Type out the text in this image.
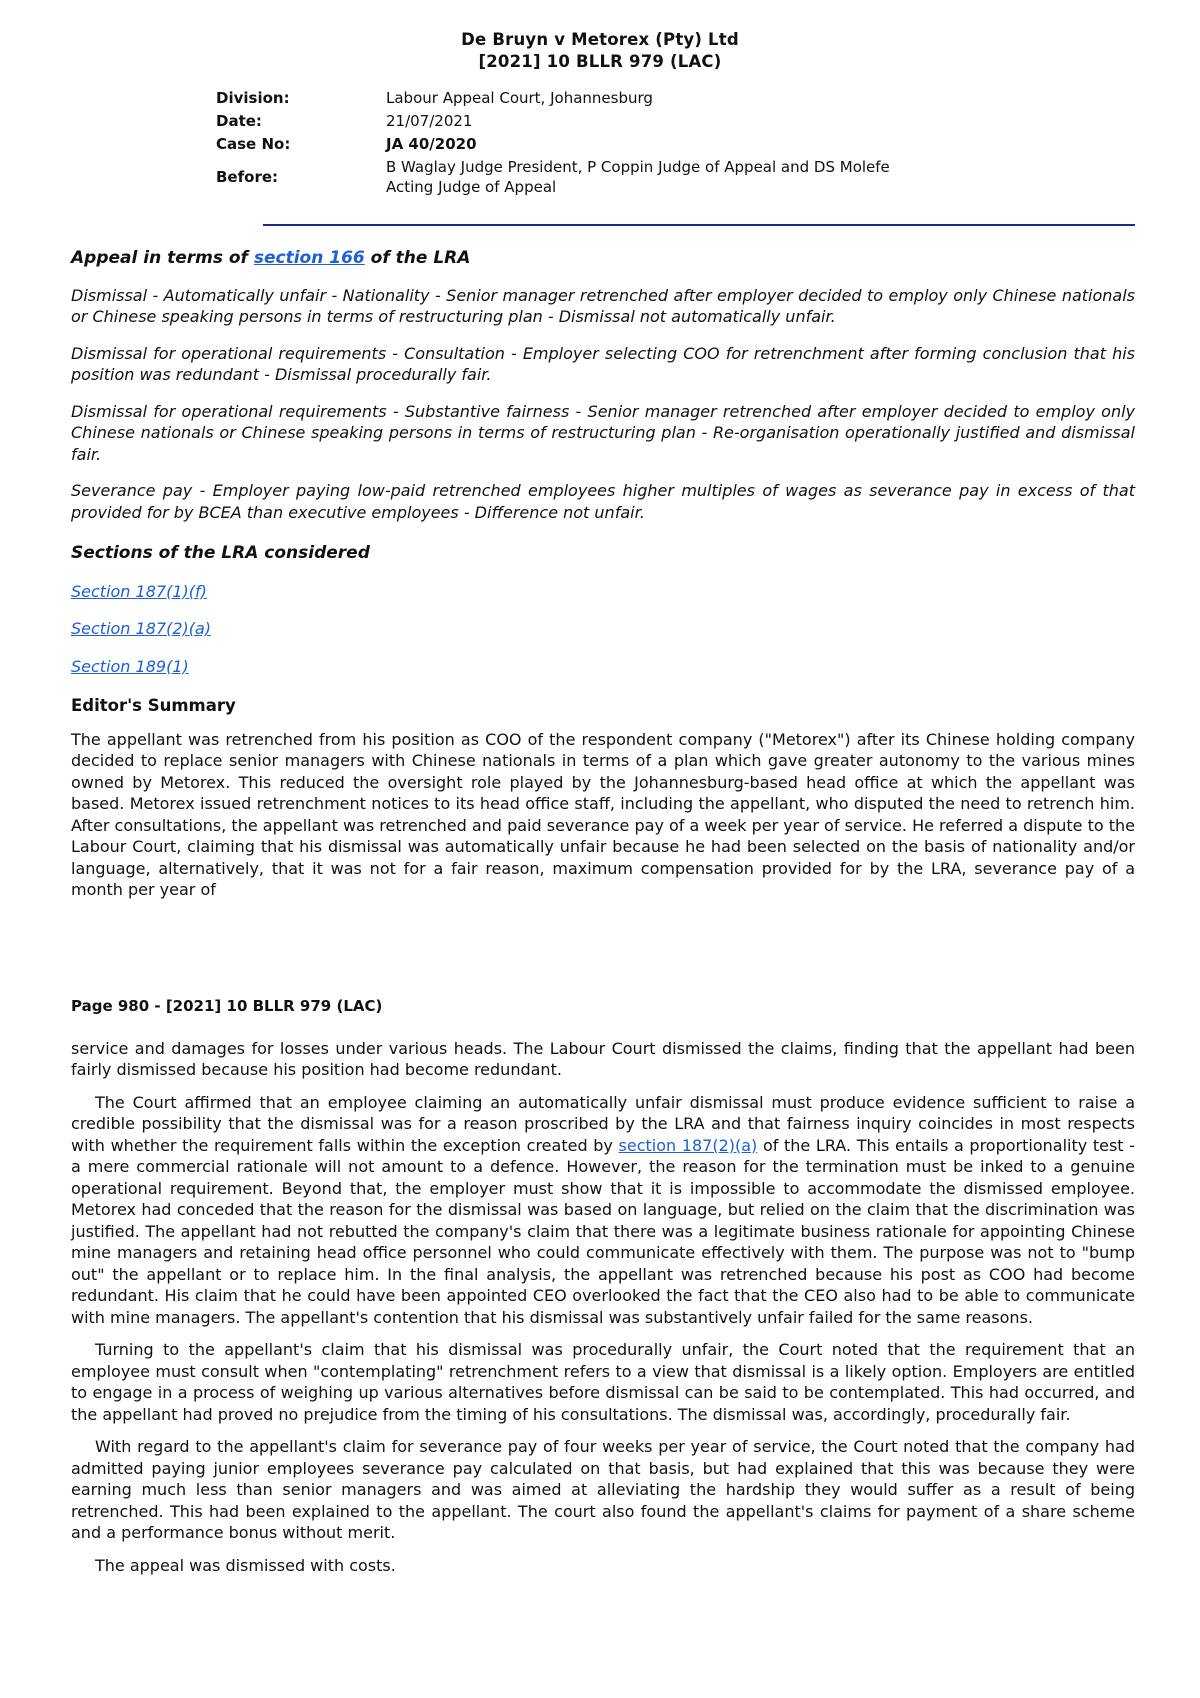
De Bruyn v Metorex (Pty) Ltd
[2021] 10 BLLR 979 (LAC)
Division:	Labour Appeal Court, Johannesburg
Date:	21/07/2021
Case No:	JA 40/2020
Before:	B Waglay Judge President, P Coppin Judge of Appeal and DS Molefe
Acting Judge of Appeal

Appeal in terms of section 166 of the LRA

Dismissal - Automatically unfair - Nationality - Senior manager retrenched after employer decided to employ only Chinese nationals or Chinese speaking persons in terms of restructuring plan - Dismissal not automatically unfair.

Dismissal for operational requirements - Consultation - Employer selecting COO for retrenchment after forming conclusion that his position was redundant - Dismissal procedurally fair.

Dismissal for operational requirements - Substantive fairness - Senior manager retrenched after employer decided to employ only Chinese nationals or Chinese speaking persons in terms of restructuring plan - Re-organisation operationally justified and dismissal fair.

Severance pay - Employer paying low-paid retrenched employees higher multiples of wages as severance pay in excess of that provided for by BCEA than executive employees - Difference not unfair.

Sections of the LRA considered

Section 187(1)(f)

Section 187(2)(a)

Section 189(1)

Editor's Summary

The appellant was retrenched from his position as COO of the respondent company ("Metorex") after its Chinese holding company decided to replace senior managers with Chinese nationals in terms of a plan which gave greater autonomy to the various mines owned by Metorex. This reduced the oversight role played by the Johannesburg-based head office at which the appellant was based. Metorex issued retrenchment notices to its head office staff, including the appellant, who disputed the need to retrench him. After consultations, the appellant was retrenched and paid severance pay of a week per year of service. He referred a dispute to the Labour Court, claiming that his dismissal was automatically unfair because he had been selected on the basis of nationality and/or language, alternatively, that it was not for a fair reason, maximum compensation provided for by the LRA, severance pay of a month per year of

Page 980 - [2021] 10 BLLR 979 (LAC)

service and damages for losses under various heads. The Labour Court dismissed the claims, finding that the appellant had been fairly dismissed because his position had become redundant.

The Court affirmed that an employee claiming an automatically unfair dismissal must produce evidence sufficient to raise a credible possibility that the dismissal was for a reason proscribed by the LRA and that fairness inquiry coincides in most respects with whether the requirement falls within the exception created by section 187(2)(a) of the LRA. This entails a proportionality test - a mere commercial rationale will not amount to a defence. However, the reason for the termination must be inked to a genuine operational requirement. Beyond that, the employer must show that it is impossible to accommodate the dismissed employee. Metorex had conceded that the reason for the dismissal was based on language, but relied on the claim that the discrimination was justified. The appellant had not rebutted the company's claim that there was a legitimate business rationale for appointing Chinese mine managers and retaining head office personnel who could communicate effectively with them. The purpose was not to "bump out" the appellant or to replace him. In the final analysis, the appellant was retrenched because his post as COO had become redundant. His claim that he could have been appointed CEO overlooked the fact that the CEO also had to be able to communicate with mine managers. The appellant's contention that his dismissal was substantively unfair failed for the same reasons.

Turning to the appellant's claim that his dismissal was procedurally unfair, the Court noted that the requirement that an employee must consult when "contemplating" retrenchment refers to a view that dismissal is a likely option. Employers are entitled to engage in a process of weighing up various alternatives before dismissal can be said to be contemplated. This had occurred, and the appellant had proved no prejudice from the timing of his consultations. The dismissal was, accordingly, procedurally fair.

With regard to the appellant's claim for severance pay of four weeks per year of service, the Court noted that the company had admitted paying junior employees severance pay calculated on that basis, but had explained that this was because they were earning much less than senior managers and was aimed at alleviating the hardship they would suffer as a result of being retrenched. This had been explained to the appellant. The court also found the appellant's claims for payment of a share scheme and a performance bonus without merit.

The appeal was dismissed with costs.
